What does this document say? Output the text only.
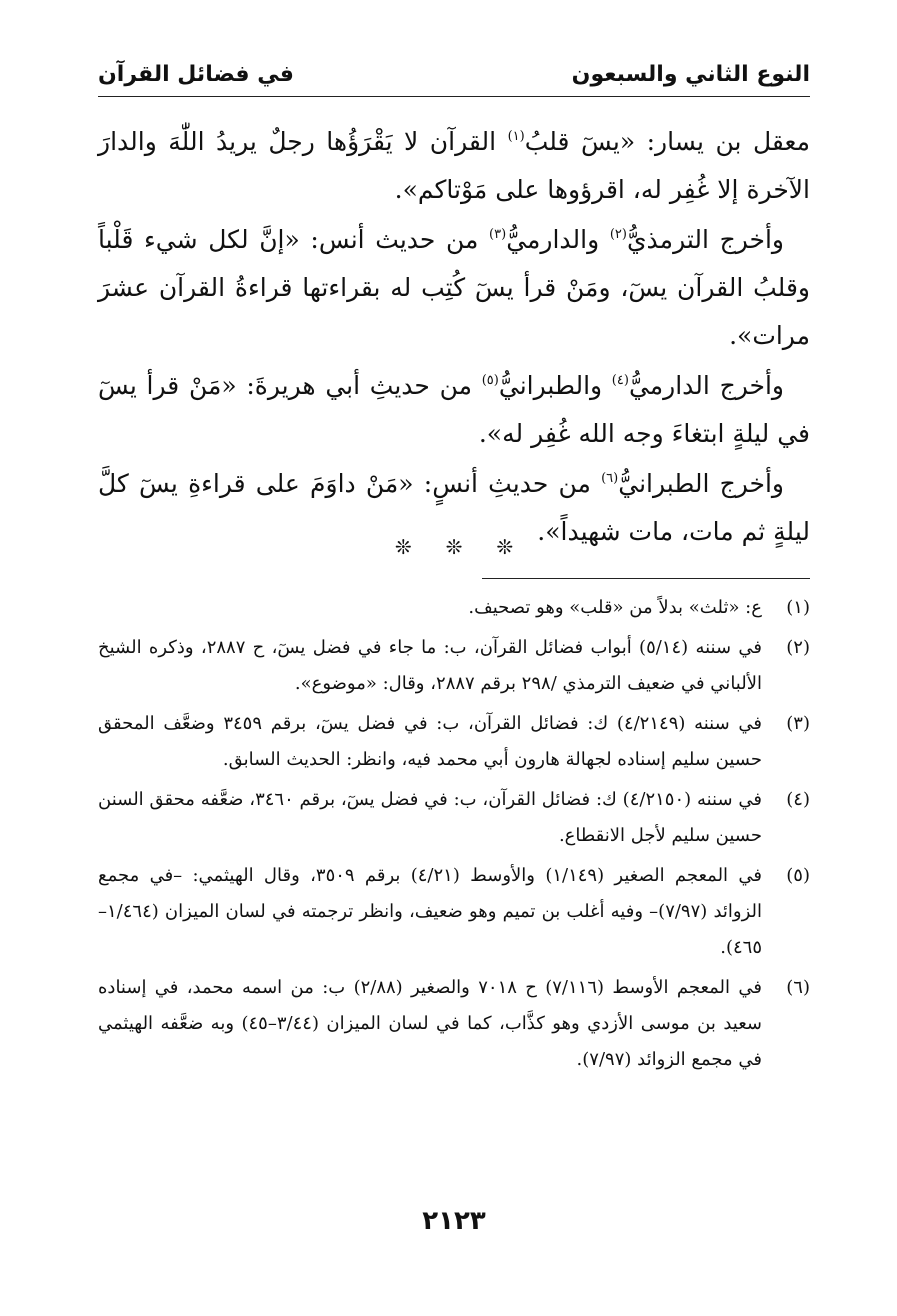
النوع الثاني والسبعون
في فضائل القرآن

معقل بن يسار: «يسٓ قلبُ$^{(١)}$ القرآن لا يَقْرَؤُها رجلٌ يريدُ اللّٰهَ والدارَ الآخرة إلا غُفِر له، اقرؤوها على مَوْتاكم».

وأخرج الترمذيُّ$^{(٢)}$ والدارميُّ$^{(٣)}$ من حديث أنس: «إنَّ لكل شيء قَلْباً وقلبُ القرآن يسٓ، ومَنْ قرأ يسٓ كُتِب له بقراءتها قراءةُ القرآن عشرَ مرات».

وأخرج الدارميُّ$^{(٤)}$ والطبرانيُّ$^{(٥)}$ من حديثِ أبي هريرةَ: «مَنْ قرأ يسٓ في ليلةٍ ابتغاءَ وجه الله غُفِر له».

وأخرج الطبرانيُّ$^{(٦)}$ من حديثِ أنسٍ: «مَنْ داوَمَ على قراءةِ يسٓ كلَّ ليلةٍ ثم مات، مات شهيداً».

❊
❊
❊

(١)ع: «ثلث» بدلاً من «قلب» وهو تصحيف.

(٢)في سننه (٥/١٤) أبواب فضائل القرآن، ب: ما جاء في فضل يسٓ، ح ٢٨٨٧، وذكره الشيخ الألباني في ضعيف الترمذي /٢٩٨ برقم ٢٨٨٧، وقال: «موضوع».

(٣)في سننه (٤/٢١٤٩) ك: فضائل القرآن، ب: في فضل يسٓ، برقم ٣٤٥٩ وضعَّف المحقق حسين سليم إسناده لجهالة هارون أبي محمد فيه، وانظر: الحديث السابق.

(٤)في سننه (٤/٢١٥٠) ك: فضائل القرآن، ب: في فضل يسٓ، برقم ٣٤٦٠، ضعَّفه محقق السنن حسين سليم لأجل الانقطاع.

(٥)في المعجم الصغير (١/١٤٩) والأوسط (٤/٢١) برقم ٣٥٠٩، وقال الهيثمي: –في مجمع الزوائد (٧/٩٧)– وفيه أغلب بن تميم وهو ضعيف، وانظر ترجمته في لسان الميزان (١/٤٦٤–٤٦٥).

(٦)في المعجم الأوسط (٧/١١٦) ح ٧٠١٨ والصغير (٢/٨٨) ب: من اسمه محمد، في إسناده سعيد بن موسى الأزدي وهو كذَّاب، كما في لسان الميزان (٣/٤٤–٤٥) وبه ضعَّفه الهيثمي في مجمع الزوائد (٧/٩٧).

٢١٢٣
